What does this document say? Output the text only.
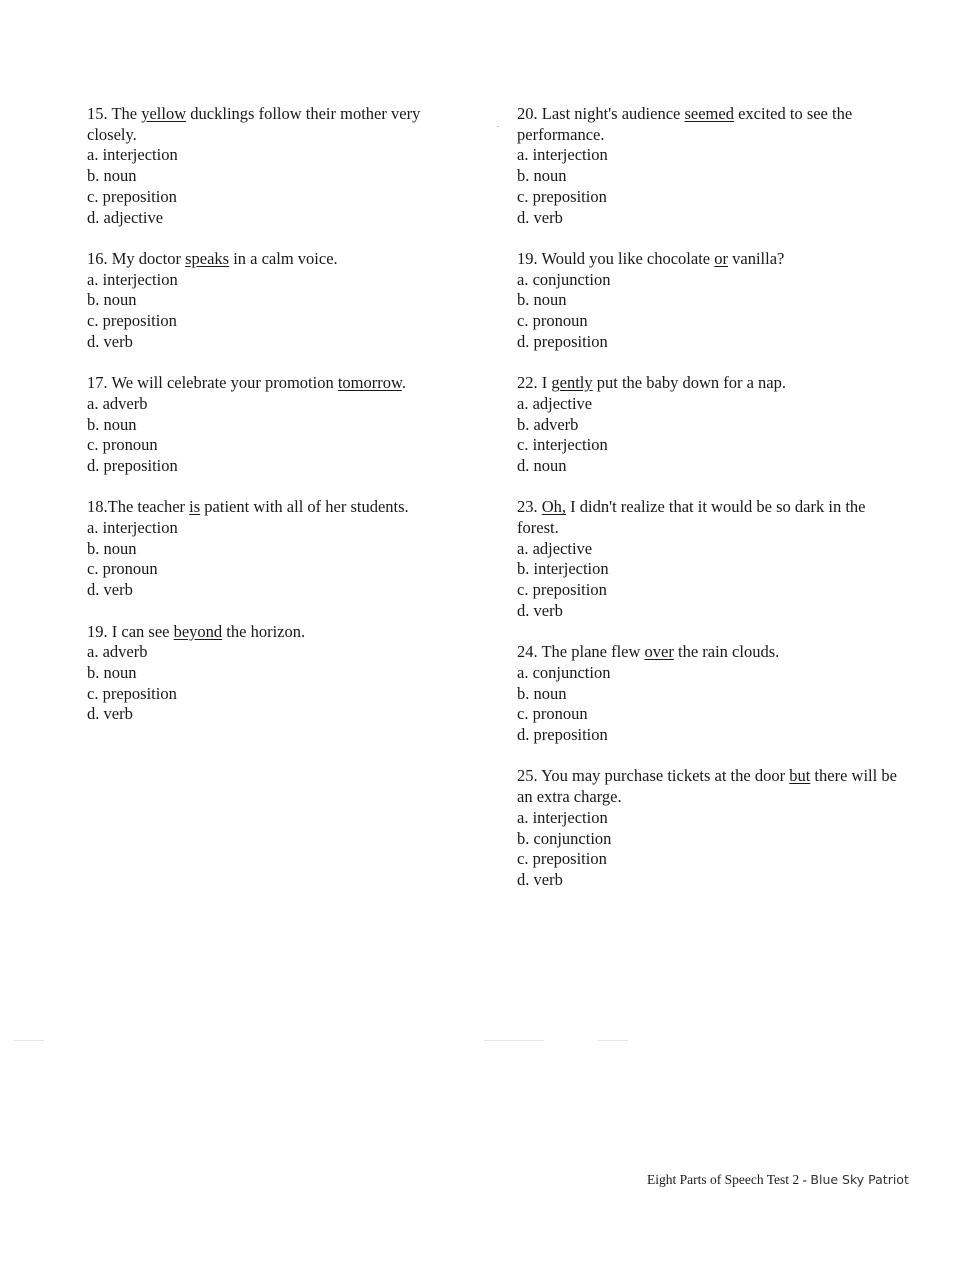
15. The yellow ducklings follow their mother very closely.
a. interjection
b. noun
c. preposition
d. adjective
16. My doctor speaks in a calm voice.
a. interjection
b. noun
c. preposition
d. verb
17. We will celebrate your promotion tomorrow.
a. adverb
b. noun
c. pronoun
d. preposition
18.The teacher is patient with all of her students.
a. interjection
b. noun
c. pronoun
d. verb
19. I can see beyond the horizon.
a. adverb
b. noun
c. preposition
d. verb
20. Last night's audience seemed excited to see the performance.
a. interjection
b. noun
c. preposition
d. verb
19. Would you like chocolate or vanilla?
a. conjunction
b. noun
c. pronoun
d. preposition
22. I gently put the baby down for a nap.
a. adjective
b. adverb
c. interjection
d. noun
23. Oh, I didn't realize that it would be so dark in the forest.
a. adjective
b. interjection
c. preposition
d. verb
24. The plane flew over the rain clouds.
a. conjunction
b. noun
c. pronoun
d. preposition
25. You may purchase tickets at the door but there will be an extra charge.
a. interjection
b. conjunction
c. preposition
d. verb
Eight Parts of Speech Test 2 - Blue Sky Patriot
